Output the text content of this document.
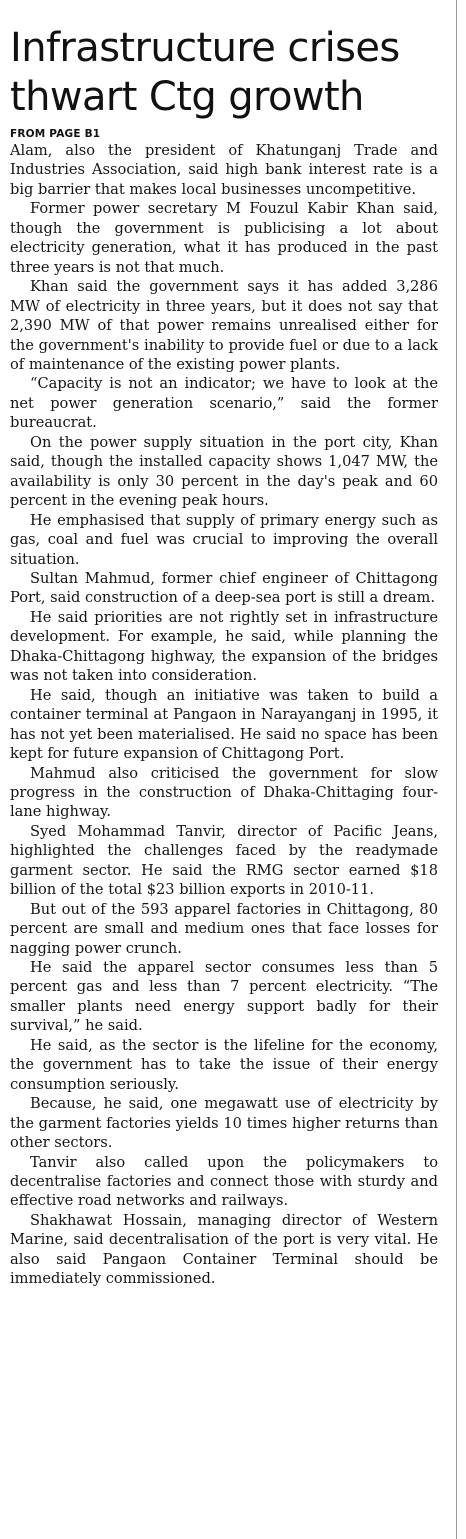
Infrastructure crises
thwart Ctg growth
FROM PAGE B1

Alam, also the president of Khatunganj Trade and Industries Association, said high bank interest rate is a big barrier that makes local businesses uncompetitive.

Former power secretary M Fouzul Kabir Khan said, though the government is publicising a lot about electricity generation, what it has produced in the past three years is not that much.

Khan said the government says it has added 3,286 MW of electricity in three years, but it does not say that 2,390 MW of that power remains unrealised either for the government's inability to provide fuel or due to a lack of maintenance of the existing power plants.

“Capacity is not an indicator; we have to look at the net power generation scenario,” said the former bureaucrat.

On the power supply situation in the port city, Khan said, though the installed capacity shows 1,047 MW, the availability is only 30 percent in the day's peak and 60 percent in the evening peak hours.

He emphasised that supply of primary energy such as gas, coal and fuel was crucial to improving the overall situation.

Sultan Mahmud, former chief engineer of Chittagong Port, said construction of a deep-sea port is still a dream.

He said priorities are not rightly set in infrastructure development. For example, he said, while planning the Dhaka-Chittagong highway, the expansion of the bridges was not taken into consideration.

He said, though an initiative was taken to build a container terminal at Pangaon in Narayanganj in 1995, it has not yet been materialised. He said no space has been kept for future expansion of Chittagong Port.

Mahmud also criticised the government for slow progress in the construction of Dhaka-Chittaging four-lane highway.

Syed Mohammad Tanvir, director of Pacific Jeans, highlighted the challenges faced by the readymade garment sector. He said the RMG sector earned $18 billion of the total $23 billion exports in 2010-11.

But out of the 593 apparel factories in Chittagong, 80 percent are small and medium ones that face losses for nagging power crunch.

He said the apparel sector consumes less than 5 percent gas and less than 7 percent electricity. “The smaller plants need energy support badly for their survival,” he said.

He said, as the sector is the lifeline for the economy, the government has to take the issue of their energy consumption seriously.

Because, he said, one megawatt use of electricity by the garment factories yields 10 times higher returns than other sectors.

Tanvir also called upon the policymakers to decentralise factories and connect those with sturdy and effective road networks and railways.

Shakhawat Hossain, managing director of Western Marine, said decentralisation of the port is very vital. He also said Pangaon Container Terminal should be immediately commissioned.
